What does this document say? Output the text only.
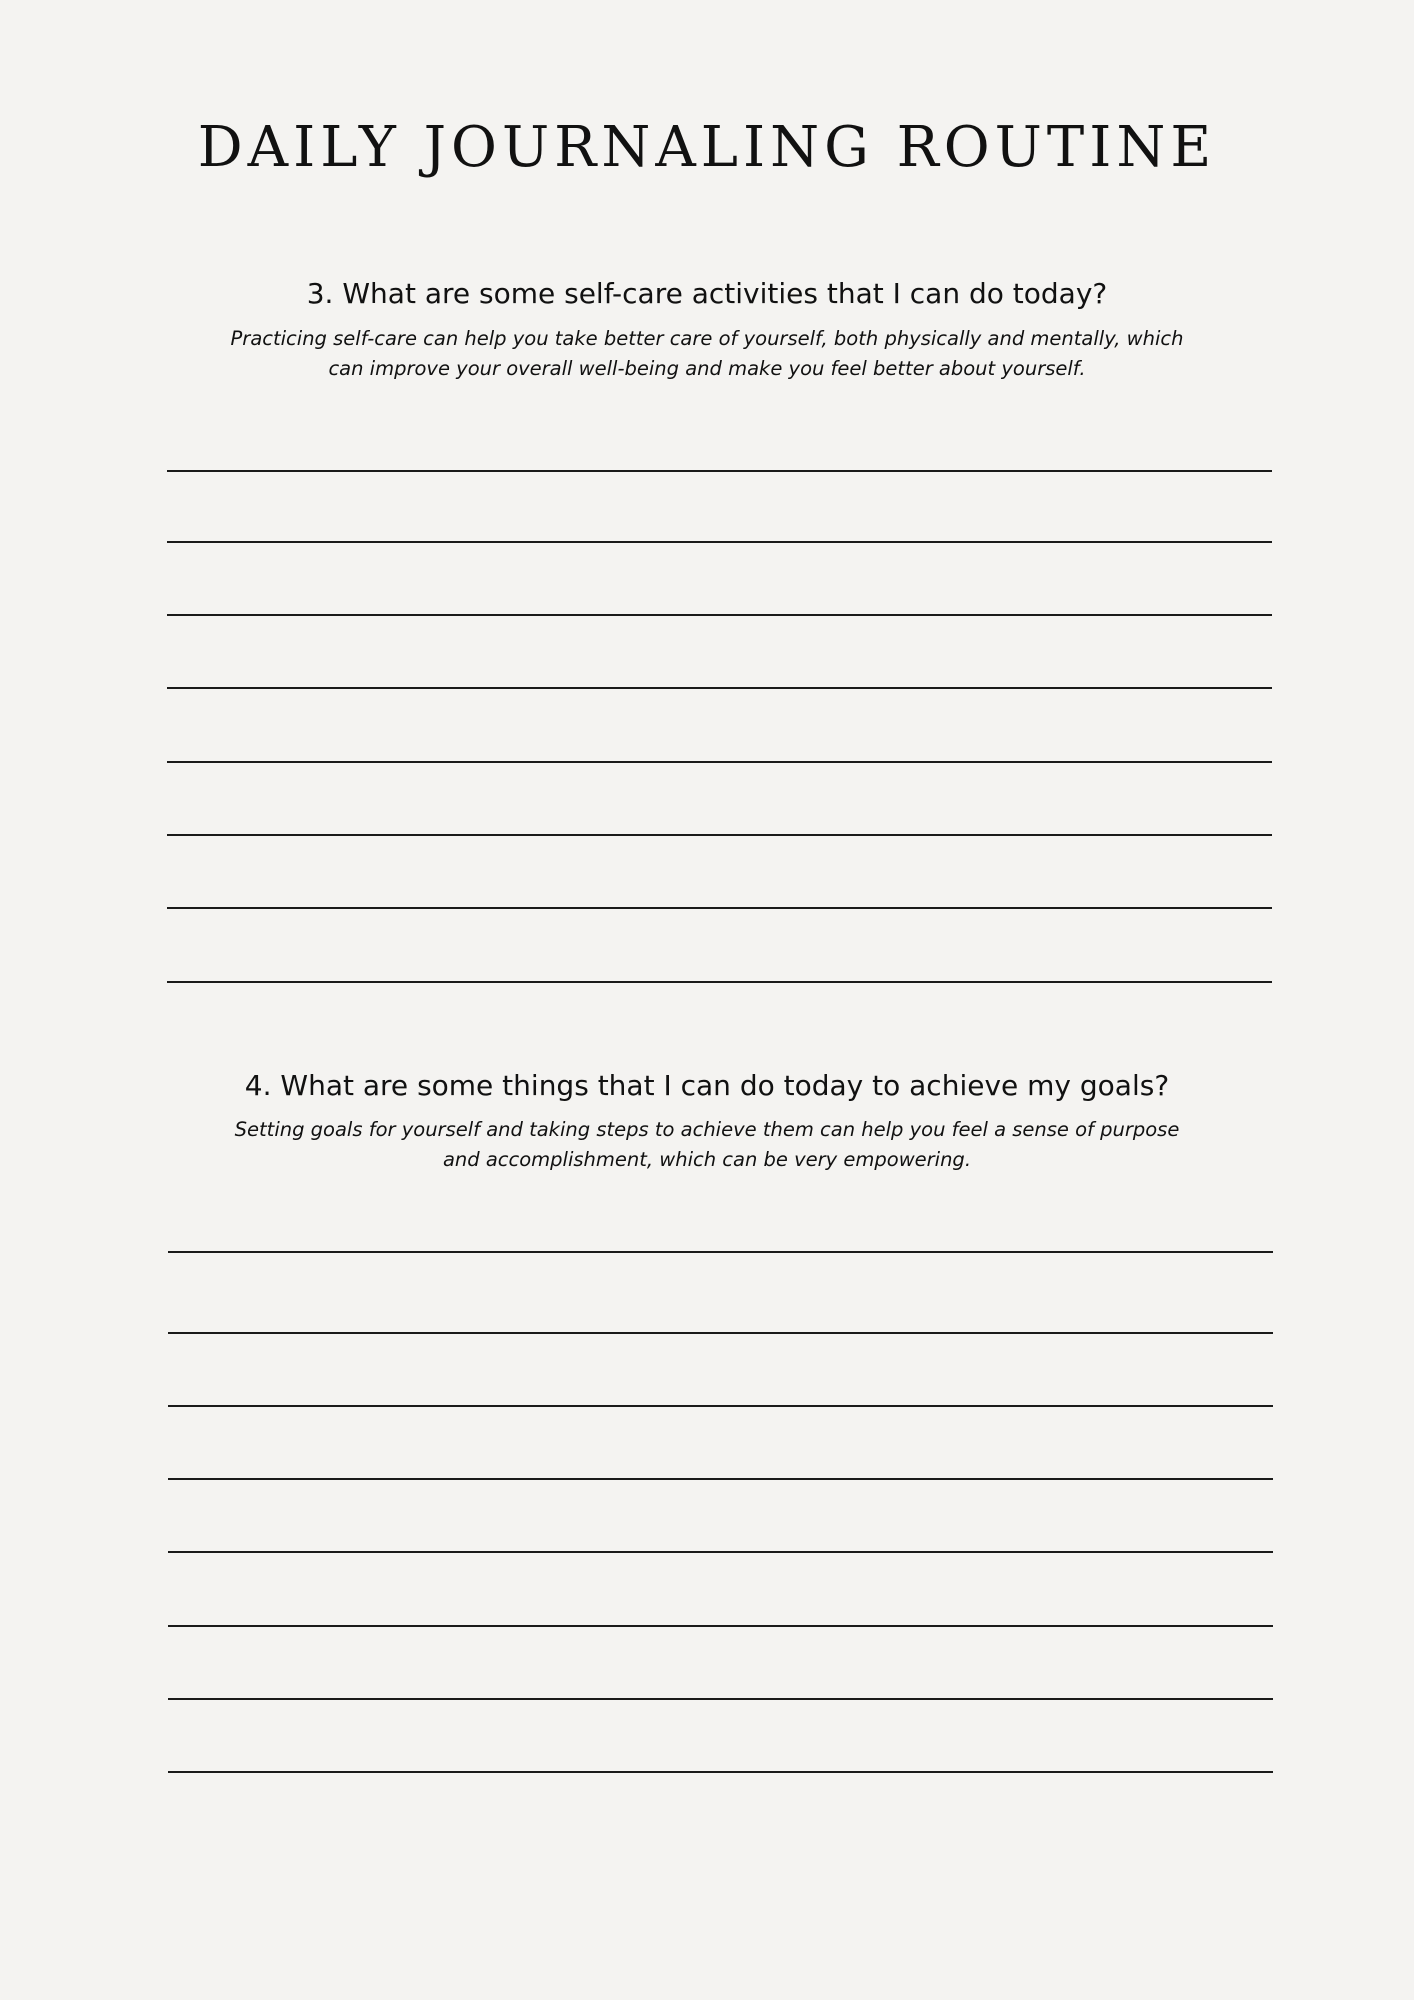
DAILY JOURNALING ROUTINE
3. What are some self-care activities that I can do today?
Practicing self-care can help you take better care of yourself, both physically and mentally, which
can improve your overall well-being and make you feel better about yourself.
4. What are some things that I can do today to achieve my goals?
Setting goals for yourself and taking steps to achieve them can help you feel a sense of purpose
and accomplishment, which can be very empowering.
